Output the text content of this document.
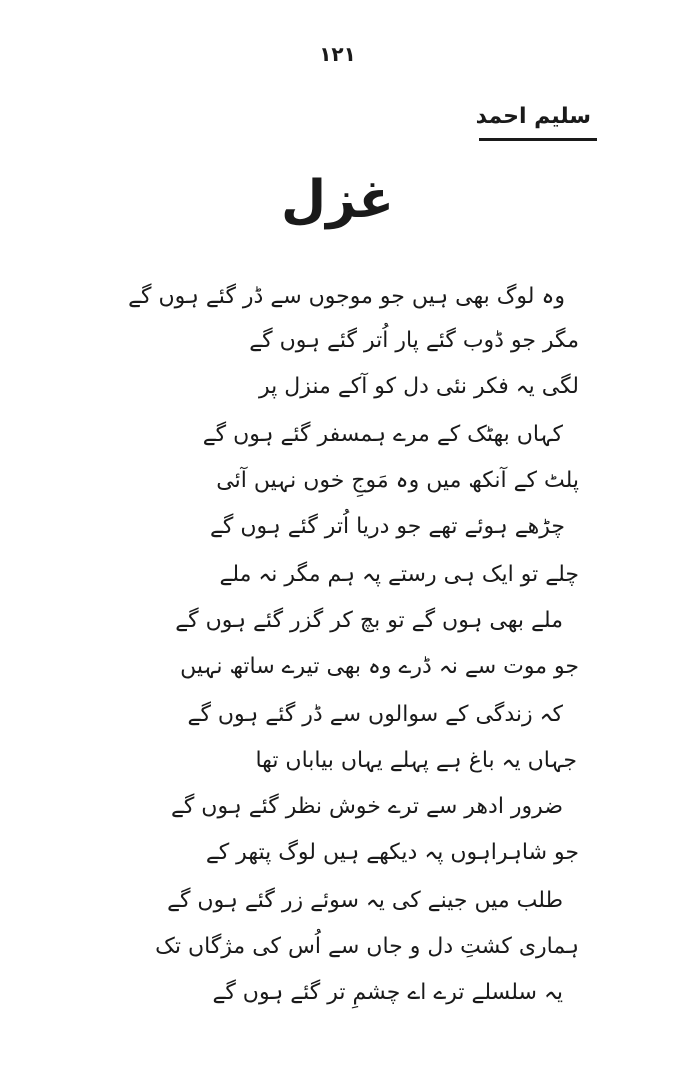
۱۲۱
سلیم احمد
غزل
وہ لوگ بھی ہیں جو موجوں سے ڈر گئے ہوں گے
مگر جو ڈوب گئے پار اُتر گئے ہوں گے
لگی یہ فکر نئی دل کو آکے منزل پر
کہاں بھٹک کے مرے ہمسفر گئے ہوں گے
پلٹ کے آنکھ میں وہ مَوجِ خوں نہیں آئی
چڑھے ہوئے تھے جو دریا اُتر گئے ہوں گے
چلے تو ایک ہی رستے پہ ہم مگر نہ ملے
ملے بھی ہوں گے تو بچ کر گزر گئے ہوں گے
جو موت سے نہ ڈرے وہ بھی تیرے ساتھ نہیں
کہ زندگی کے سوالوں سے ڈر گئے ہوں گے
جہاں یہ باغ ہے پہلے یہاں بیاباں تھا
ضرور ادھر سے ترے خوش نظر گئے ہوں گے
جو شاہراہوں پہ دیکھے ہیں لوگ پتھر کے
طلب میں جینے کی یہ سوئے زر گئے ہوں گے
ہماری کشتِ دل و جاں سے اُس کی مژگاں تک
یہ سلسلے ترے اے چشمِ تر گئے ہوں گے
